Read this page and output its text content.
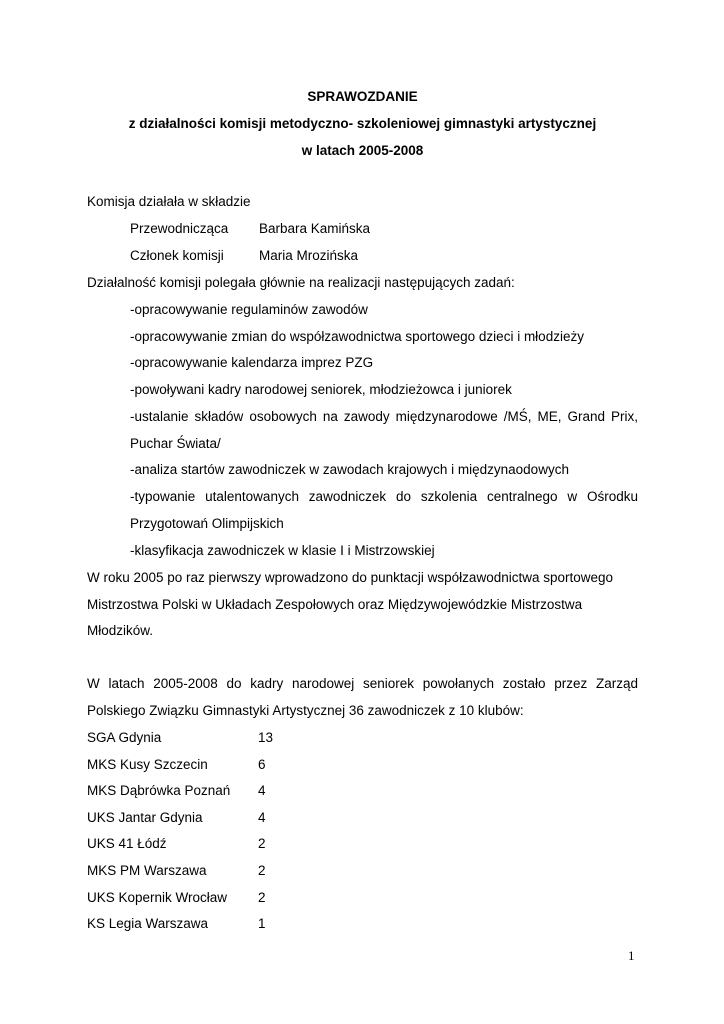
SPRAWOZDANIE
z działalności komisji metodyczno- szkoleniowej gimnastyki artystycznej
w latach 2005-2008
Komisja działała w składzie
Przewodnicząca Barbara Kamińska
Członek komisji	Maria Mrozińska
Działalność komisji polegała głównie na realizacji następujących zadań:
-opracowywanie regulaminów zawodów
-opracowywanie zmian do współzawodnictwa sportowego dzieci i młodzieży
-opracowywanie kalendarza imprez PZG
-powoływani kadry narodowej seniorek, młodzieżowca i juniorek
-ustalanie składów osobowych na zawody międzynarodowe /MŚ, ME, Grand Prix,
Puchar Świata/
-analiza startów zawodniczek w zawodach krajowych i międzynaodowych
-typowanie utalentowanych zawodniczek do szkolenia centralnego w Ośrodku
Przygotowań Olimpijskich
-klasyfikacja zawodniczek w klasie I i Mistrzowskiej
W roku 2005 po raz pierwszy wprowadzono do punktacji współzawodnictwa sportowego
Mistrzostwa Polski w Układach Zespołowych oraz Międzywojewódzkie Mistrzostwa
Młodzików.
W latach 2005-2008 do kadry narodowej seniorek powołanych zostało przez Zarząd
Polskiego Związku Gimnastyki Artystycznej 36 zawodniczek z 10 klubów:
SGA Gdynia	13
MKS Kusy Szczecin	6
MKS Dąbrówka Poznań 4
UKS Jantar Gdynia	4
UKS 41 Łódź	2
MKS PM Warszawa	2
UKS Kopernik Wrocław 2
KS Legia Warszawa	1
1
